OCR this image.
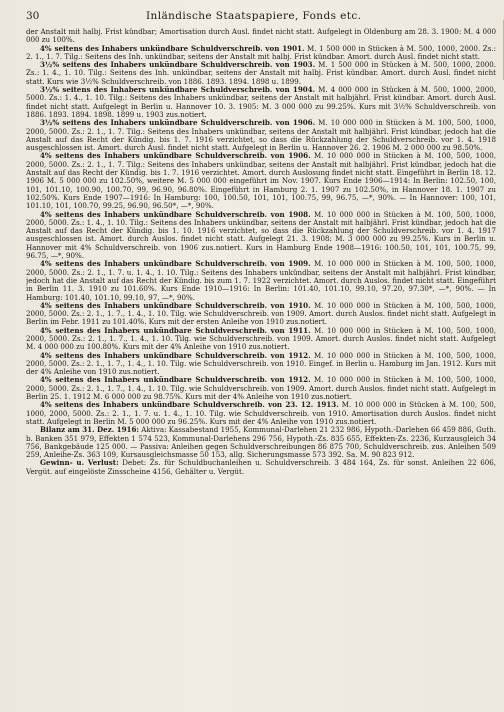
30	Inländische Staatspapiere, Fonds etc.

der Anstalt mit halbj. Frist kündbar; Amortisation durch Ausl. findet nicht statt. Aufgelegt in Oldenburg am 28. 3. 1900: M. 4 000 000 zu 100%.

4% seitens des Inhabers unkündbare Schuldverschreib. von 1901. M. 1 500 000 in Stücken à M. 500, 1000, 2000. Zs.: 2. 1., 1. 7. Tilg.: Seitens des Inh. unkündbar, seitens der Anstalt mit halbj. Frist kündbar. Amort. durch Ausl. findet nicht statt.

3½% seitens des Inhabers unkündbare Schuldverschreib. von 1903. M. 1 500 000 in Stücken à M. 500, 1000, 2000. Zs.: 1. 4., 1. 10. Tilg.: Seitens des Inh. unkündbar, seitens der Anstalt mit halbj. Frist kündbar. Amort. durch Ausl. findet nicht statt. Kurs wie 3½% Schuldverschreib. von 1886. 1893. 1894. 1898 u. 1899.

3½% seitens des Inhabers unkündbare Schuldverschreib. von 1904. M. 4 000 000 in Stücken à M. 500, 1000, 2000, 5000. Zs.: 1. 4., 1. 10. Tilg.: Seitens des Inhabers unkündbar, seitens der Anstalt mit halbjährl. Frist kündbar. Amort. durch Ausl. findet nicht statt. Aufgelegt in Berlin u. Hannover 10. 3. 1905: M. 3 000 000 zu 99.25%. Kurs mit 3½% Schuldverschreib. von 1886. 1893. 1894. 1898. 1899 u. 1903 zus.notiert.

3½% seitens des Inhabers unkündbare Schuldverschreib. von 1906. M. 10 000 000 in Stücken à M. 100, 500, 1000, 2000, 5000. Zs.: 2. 1., 1. 7. Tilg.: Seitens des Inhabers unkündbar, seitens der Anstalt mit halbjährl. Frist kündbar, jedoch hat die Anstalt auf das Recht der Kündig. bis 1. 7. 1916 verzichtet, so dass die Rückzahlung der Schuldverschreib. vor 1. 4. 1918 ausgeschlossen ist. Amort. durch Ausl. findet nicht statt. Aufgelegt in Berlin u. Hannover 26. 2. 1906 M. 2 000 000 zu 98.50%.

4% seitens des Inhabers unkündbare Schuldverschreib. von 1906. M. 10 000 000 in Stücken à M. 100, 500, 1000, 2000, 5000. Zs.: 2. 1., 1. 7. Tilg.: Seitens des Inhabers unkündbar, seitens der Anstalt mit halbjährl. Frist kündbar, jedoch hat die Anstalt auf das Recht der Kündig. bis 1. 7. 1916 verzichtet. Amort. durch Auslosung findet nicht statt. Eingeführt in Berlin 18. 12. 1906 M. 5 000 000 zu 102.50%, weitere M. 5 000 000 eingeführt im Nov. 1907. Kurs Ende 1906—1914: In Berlin: 102.50, 100, 101, 101.10, 100.90, 100.70, 99, 96.90, 96.80%. Eingeführt in Hamburg 2. 1. 1907 zu 102.50%, in Hannover 18. 1. 1907 zu 102.50%. Kurs Ende 1907—1916: In Hamburg: 100, 100.50, 101, 101, 100.75, 99, 96.75, —*, 90%. — In Hannover: 100, 101, 101.10, 101, 100.70, 99.25, 96.90, 96.50*, —*, 90%.

4% seitens des Inhabers unkündbare Schuldverschreib. von 1908. M. 10 000 000 in Stücken à M. 100, 500, 1000, 2000, 5000. Zs.: 1. 4., 1. 10. Tilg.: Seitens des Inhabers unkündbar, seitens der Anstalt mit halbjährl. Frist kündbar, jedoch hat die Anstalt auf das Recht der Kündig. bis 1. 10. 1916 verzichtet, so dass die Rückzahlung der Schuldverschreib. vor 1. 4. 1917 ausgeschlossen ist. Amort. durch Auslos. findet nicht statt. Aufgelegt 21. 3. 1908: M. 3 000 000 zu 99.25%. Kurs in Berlin u. Hannover mit 4% Schuldverschreib. von 1906 zus.notiert. Kurs in Hamburg Ende 1908—1916: 100.50, 101, 101, 100.75, 99, 96.75, —*, 90%.

4% seitens des Inhabers unkündbare Schuldverschreib. von 1909. M. 10 000 000 in Stücken à M. 100, 500, 1000, 2000, 5000. Zs.: 2. 1., 1. 7. u. 1. 4., 1. 10. Tilg.: Seitens des Inhabers unkündbar, seitens der Anstalt mit halbjährl. Frist kündbar, jedoch hat die Anstalt auf das Recht der Kündig. bis zum 1. 7. 1922 verzichtet. Amort. durch Auslos. findet nicht statt. Eingeführt in Berlin 11. 3. 1910 zu 101.60%. Kurs Ende 1910—1916: In Berlin: 101.40, 101.10, 99.10, 97.20, 97.30*, —*, 90%. — In Hamburg: 101.40, 101.10, 99.10, 97, —*, 90%.

4% seitens des Inhabers unkündbare Schuldverschreib. von 1910. M. 10 000 000 in Stücken à M. 100, 500, 1000, 2000, 5000. Zs.: 2. 1., 1. 7., 1. 4., 1. 10. Tilg. wie Schuldverschreib. von 1909. Amort. durch Auslos. findet nicht statt. Aufgelegt in Berlin im Febr. 1911 zu 101.40%. Kurs mit der ersten Anleihe von 1910 zus.notiert.

4% seitens des Inhabers unkündbare Schuldverschreib. von 1911. M. 10 000 000 in Stücken à M. 100, 500, 1000, 2000, 5000. Zs.: 2. 1., 1. 7., 1. 4., 1. 10. Tilg. wie Schuldverschreib. von 1909. Amort. durch Auslos. findet nicht statt. Aufgelegt M. 4 000 000 zu 100.80%. Kurs mit der 4% Anleihe von 1910 zus.notiert.

4% seitens des Inhabers unkündbare Schuldverschreib. von 1912. M. 10 000 000 in Stücken à M. 100, 500, 1000, 2000, 5000. Zs.: 2. 1., 1. 7., 1. 4., 1. 10. Tilg. wie Schuldverschreib. von 1910. Eingef. in Berlin u. Hamburg im Jan. 1912. Kurs mit der 4% Anleihe von 1910 zus.notiert.

4% seitens des Inhabers unkündbare Schuldverschreib. von 1912. M. 10 000 000 in Stücken à M. 100, 500, 1000, 2000, 5000. Zs.: 2. 1., 1. 7., 1. 4., 1. 10. Tilg. wie Schuldverschreib. von 1909. Amort. durch Auslos. findet nicht statt. Aufgelegt in Berlin 25. 1. 1912 M. 6 000 000 zu 98.75%. Kurs mit der 4% Anleihe von 1910 zus.notiert.

4% seitens des Inhabers unkündbare Schuldverschreib. von 23. 12. 1913. M. 10 000 000 in Stücken à M. 100, 500, 1000, 2000, 5000. Zs.: 2. 1., 1. 7. u. 1. 4., 1. 10. Tilg. wie Schuldverschreib. von 1910. Amortisation durch Auslos. findet nicht statt. Aufgelegt in Berlin M. 5 000 000 zu 96.25%. Kurs mit der 4% Anleihe von 1910 zus.notiert.

Bilanz am 31. Dez. 1916: Aktiva: Kassabestand 1955, Kommunal-Darlehen 21 232 986, Hypoth.-Darlehen 66 459 886, Guth. b. Banken 351 979, Effekten 1 574 523, Kommunal-Darlehens 296 756, Hypoth.-Zs. 835 655, Effekten-Zs. 2236, Kurzausgleich 34 756, Bankgebäude 125 000. — Passiva: Anleihen gegen Schuldverschreibungen 86 875 700, Schuldverschreib. zus. Anleihen 509 259, Anleihe-Zs. 363 109, Kursausgleichsmasse 50 153, allg. Sicherungsmasse 573 392. Sa. M. 90 823 912.

Gewinn- u. Verlust: Debet: Zs. für Schuldbuchanleihen u. Schuldverschreib. 3 484 164, Zs. für sonst. Anleihen 22 606, Vergüt. auf eingelöste Zinsscheine 4156, Gehälter u. Vergüt.
